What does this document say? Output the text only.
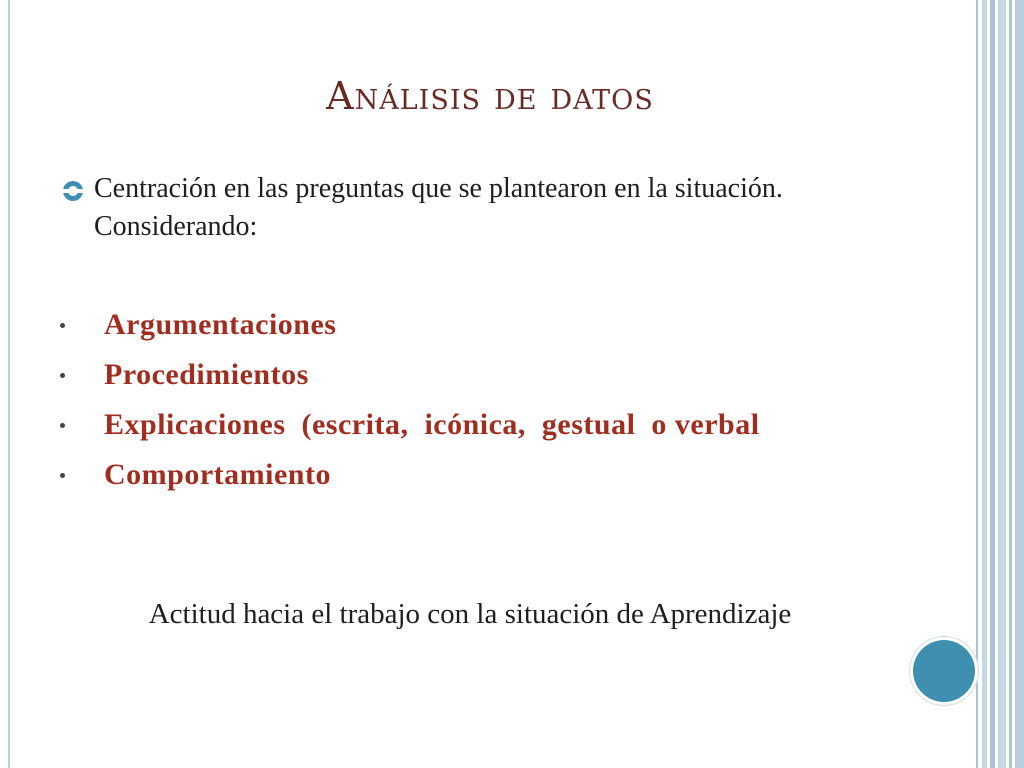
Análisis de datos
Centración en las preguntas que se plantearon en la situación. Considerando:
Argumentaciones
Procedimientos
Explicaciones  (escrita,  icónica,  gestual  o verbal
Comportamiento
Actitud hacia el trabajo con la situación de Aprendizaje
